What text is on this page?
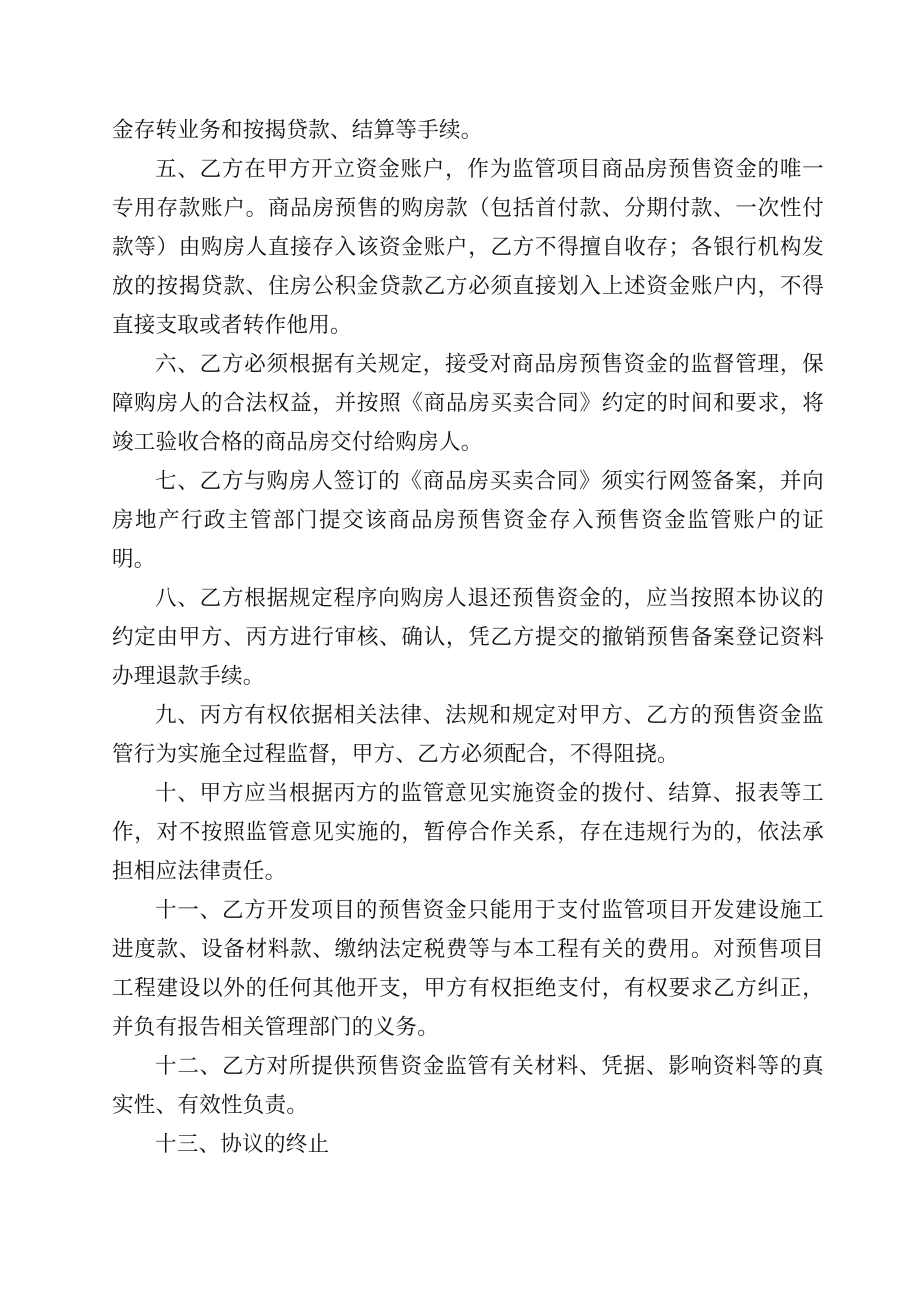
金存转业务和按揭贷款、结算等手续。

五、乙方在甲方开立资金账户，作为监管项目商品房预售资金的唯一专用存款账户。商品房预售的购房款（包括首付款、分期付款、一次性付款等）由购房人直接存入该资金账户，乙方不得擅自收存；各银行机构发放的按揭贷款、住房公积金贷款乙方必须直接划入上述资金账户内，不得直接支取或者转作他用。

六、乙方必须根据有关规定，接受对商品房预售资金的监督管理，保障购房人的合法权益，并按照《商品房买卖合同》约定的时间和要求，将竣工验收合格的商品房交付给购房人。

七、乙方与购房人签订的《商品房买卖合同》须实行网签备案，并向房地产行政主管部门提交该商品房预售资金存入预售资金监管账户的证明。

八、乙方根据规定程序向购房人退还预售资金的，应当按照本协议的约定由甲方、丙方进行审核、确认，凭乙方提交的撤销预售备案登记资料办理退款手续。

九、丙方有权依据相关法律、法规和规定对甲方、乙方的预售资金监管行为实施全过程监督，甲方、乙方必须配合，不得阻挠。

十、甲方应当根据丙方的监管意见实施资金的拨付、结算、报表等工作，对不按照监管意见实施的，暂停合作关系，存在违规行为的，依法承担相应法律责任。

十一、乙方开发项目的预售资金只能用于支付监管项目开发建设施工进度款、设备材料款、缴纳法定税费等与本工程有关的费用。对预售项目工程建设以外的任何其他开支，甲方有权拒绝支付，有权要求乙方纠正，并负有报告相关管理部门的义务。

十二、乙方对所提供预售资金监管有关材料、凭据、影响资料等的真实性、有效性负责。

十三、协议的终止
